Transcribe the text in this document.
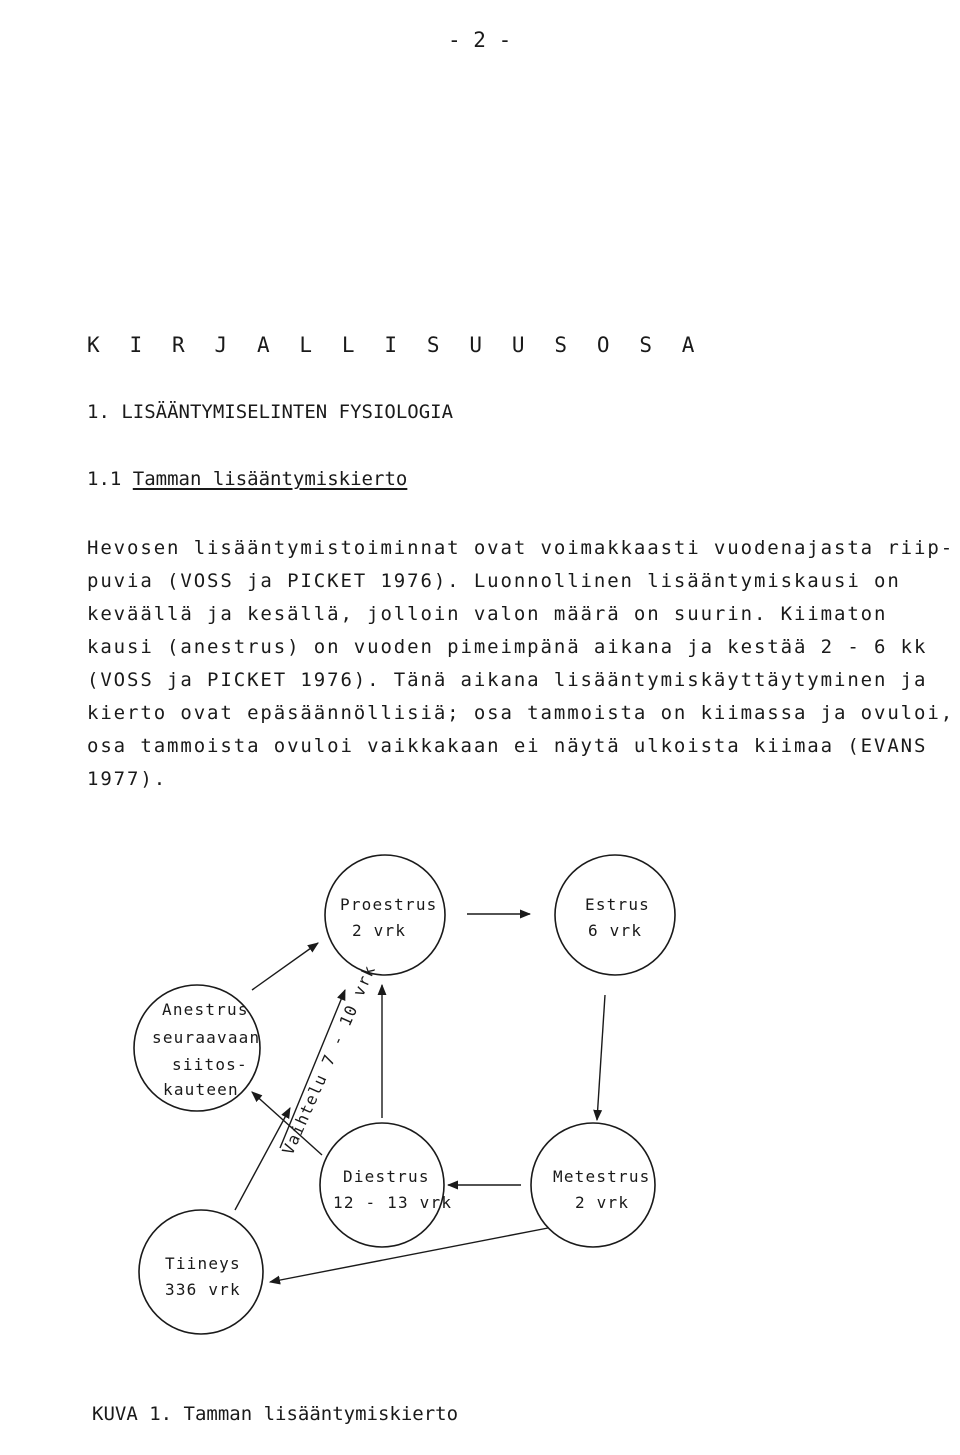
- 2 -
K I R J A L L I S U U S O S A
1. LISÄÄNTYMISELINTEN FYSIOLOGIA
1.1 Tamman lisääntymiskierto
Hevosen lisääntymistoiminnat ovat voimakkaasti vuodenajasta riip-
puvia (VOSS ja PICKET 1976). Luonnollinen lisääntymiskausi on
keväällä ja kesällä, jolloin valon määrä on suurin. Kiimaton
kausi (anestrus) on vuoden pimeimpänä aikana ja kestää 2 - 6 kk
(VOSS ja PICKET 1976). Tänä aikana lisääntymiskäyttäytyminen ja
kierto ovat epäsäännöllisiä; osa tammoista on kiimassa ja ovuloi,
osa tammoista ovuloi vaikkakaan ei näytä ulkoista kiimaa (EVANS
1977).
Proestrus
2 vrk
Estrus
6 vrk
Anestrus
seuraavaan
siitos-
kauteen
Diestrus
12 - 13 vrk
Metestrus
2 vrk
Tiineys
336 vrk
Vaihtelu 7 - 10 vrk
KUVA 1. Tamman lisääntymiskierto
